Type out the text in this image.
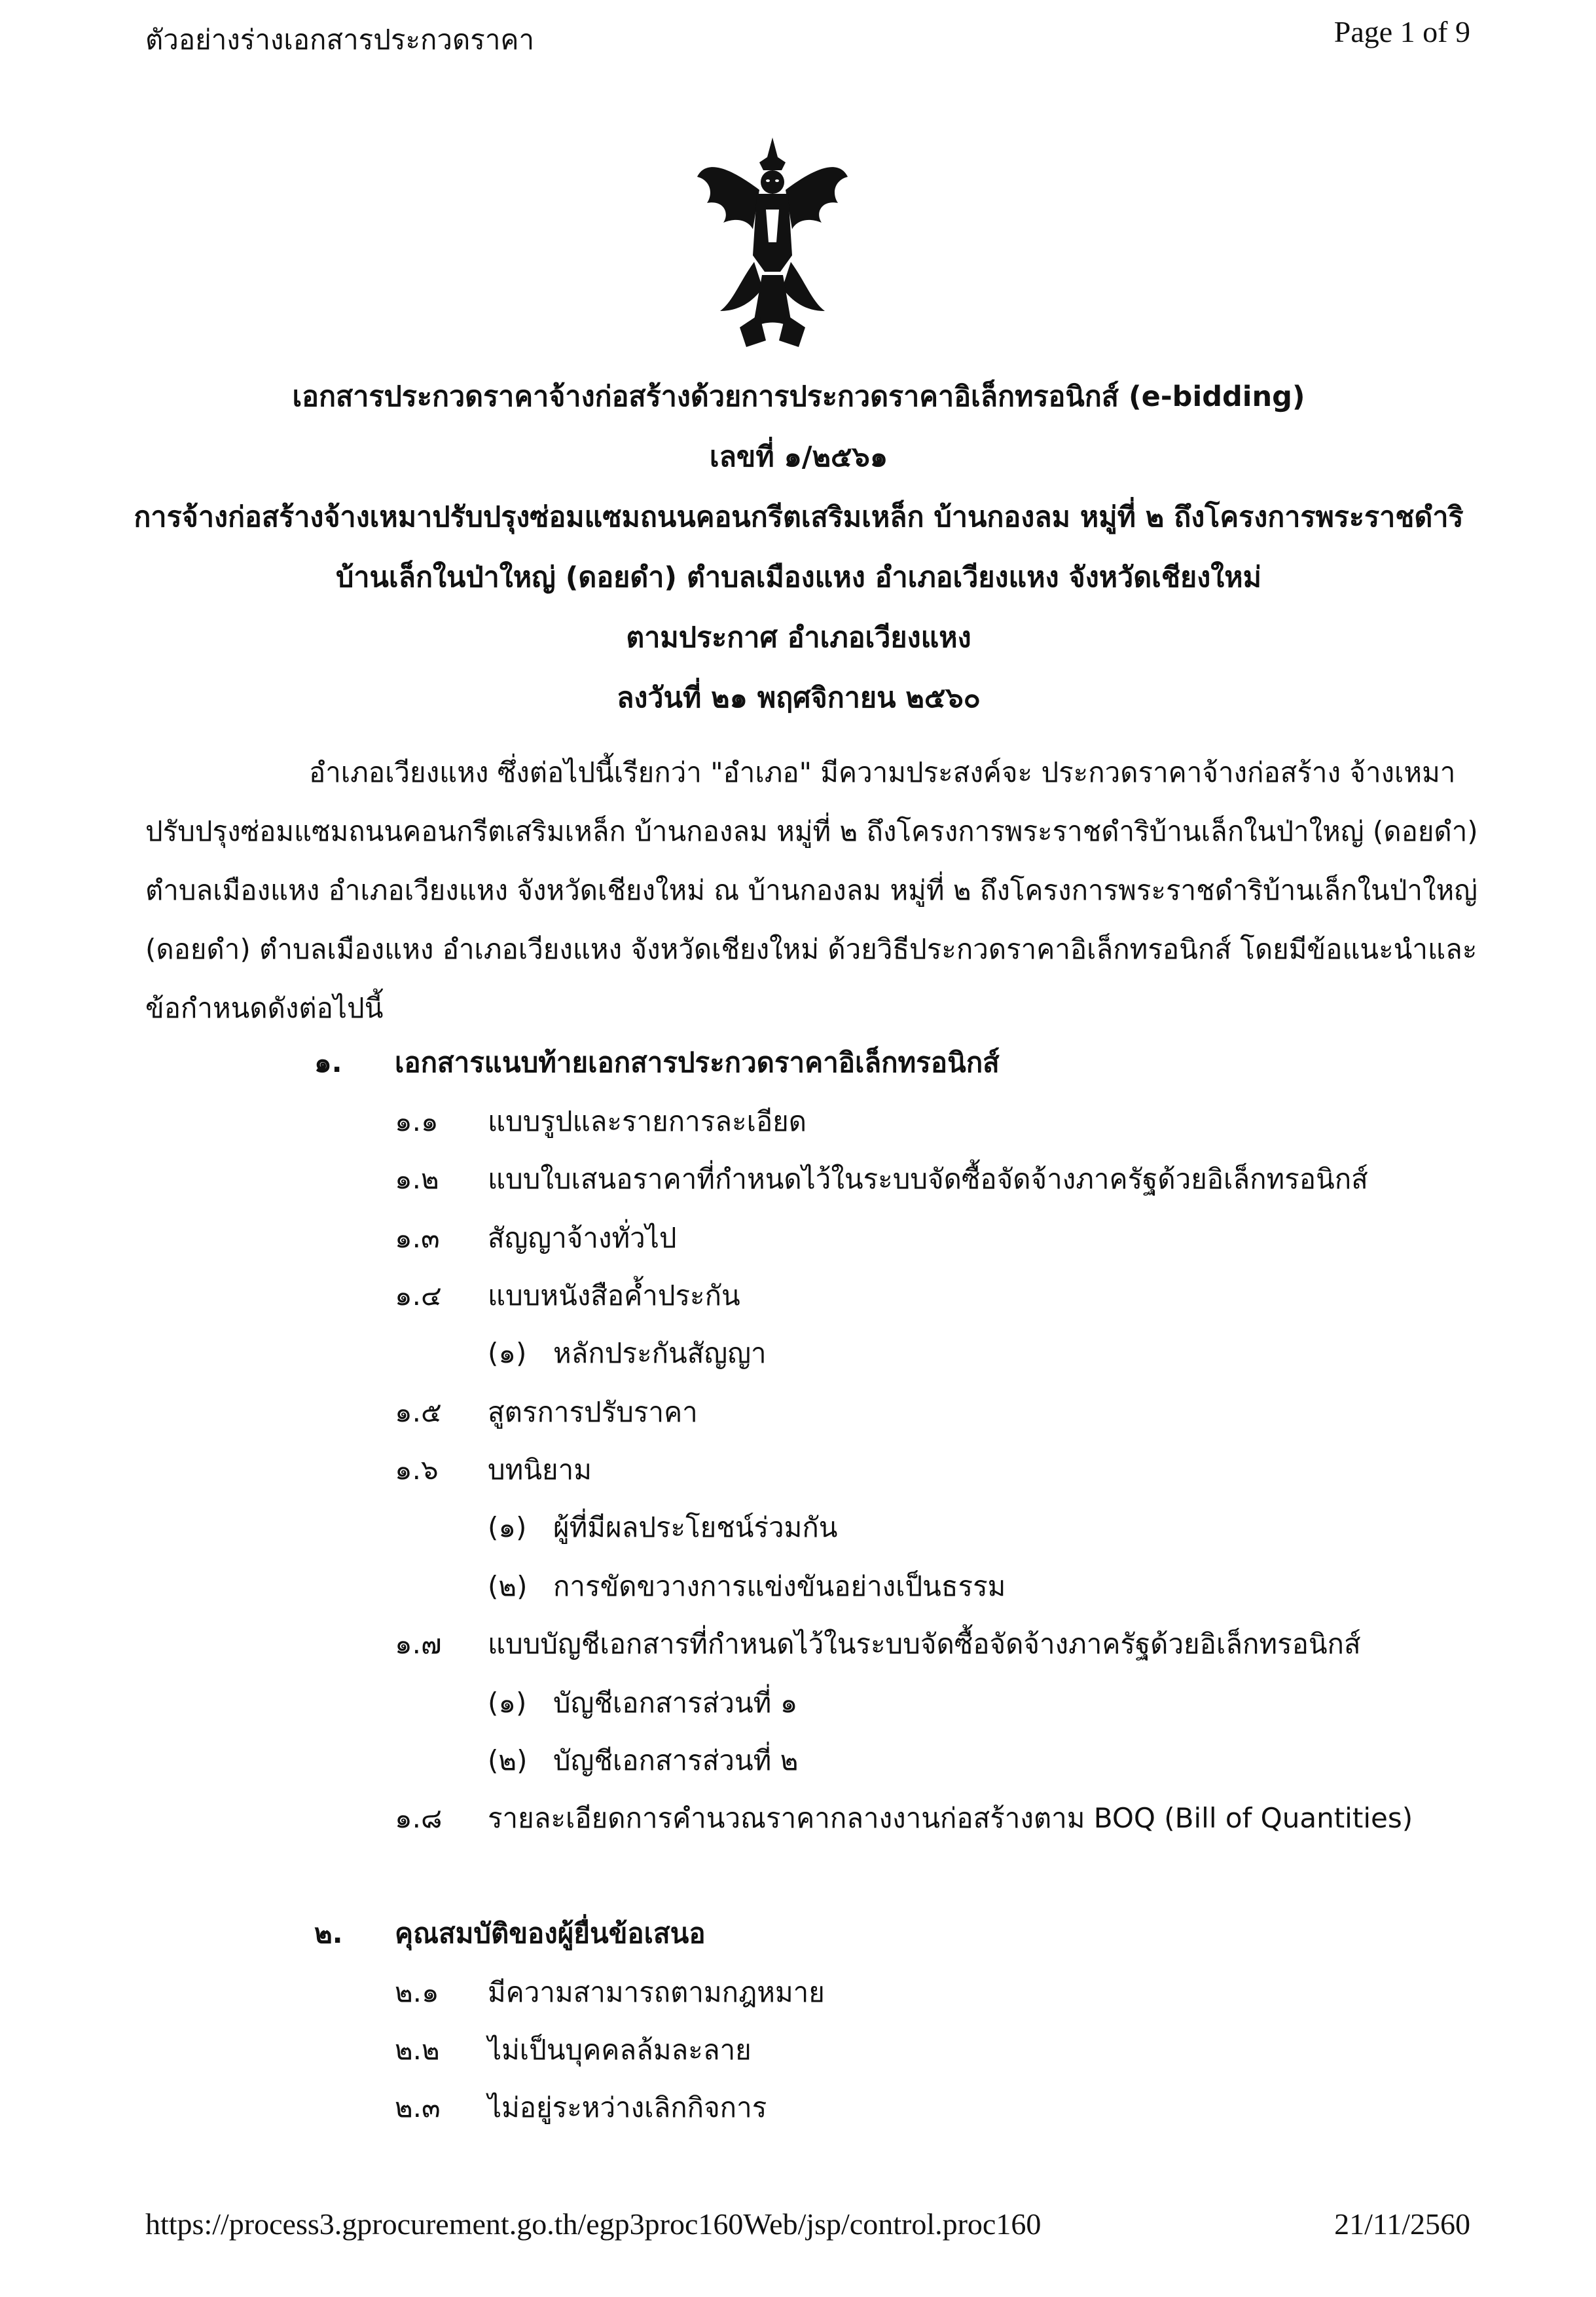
ตัวอย่างร่างเอกสารประกวดราคา	Page 1 of 9
เอกสารประกวดราคาจ้างก่อสร้างด้วยการประกวดราคาอิเล็กทรอนิกส์ (e-bidding)
เลขที่ ๑/๒๕๖๑
การจ้างก่อสร้างจ้างเหมาปรับปรุงซ่อมแซมถนนคอนกรีตเสริมเหล็ก บ้านกองลม หมู่ที่ ๒ ถึงโครงการพระราชดำริ
บ้านเล็กในป่าใหญ่ (ดอยดำ) ตำบลเมืองแหง อำเภอเวียงแหง จังหวัดเชียงใหม่
ตามประกาศ อำเภอเวียงแหง
ลงวันที่ ๒๑ พฤศจิกายน ๒๕๖๐
อำเภอเวียงแหง ซึ่งต่อไปนี้เรียกว่า "อำเภอ" มีความประสงค์จะ ประกวดราคาจ้างก่อสร้าง จ้างเหมา
ปรับปรุงซ่อมแซมถนนคอนกรีตเสริมเหล็ก บ้านกองลม หมู่ที่ ๒ ถึงโครงการพระราชดำริบ้านเล็กในป่าใหญ่ (ดอยดำ)
ตำบลเมืองแหง อำเภอเวียงแหง จังหวัดเชียงใหม่ ณ บ้านกองลม หมู่ที่ ๒ ถึงโครงการพระราชดำริบ้านเล็กในป่าใหญ่
(ดอยดำ) ตำบลเมืองแหง อำเภอเวียงแหง จังหวัดเชียงใหม่ ด้วยวิธีประกวดราคาอิเล็กทรอนิกส์ โดยมีข้อแนะนำและ
ข้อกำหนดดังต่อไปนี้
๑. เอกสารแนบท้ายเอกสารประกวดราคาอิเล็กทรอนิกส์
๑.๑ แบบรูปและรายการละเอียด
๑.๒ แบบใบเสนอราคาที่กำหนดไว้ในระบบจัดซื้อจัดจ้างภาครัฐด้วยอิเล็กทรอนิกส์
๑.๓ สัญญาจ้างทั่วไป
๑.๔ แบบหนังสือค้ำประกัน
(๑) หลักประกันสัญญา
๑.๕ สูตรการปรับราคา
๑.๖ บทนิยาม
(๑) ผู้ที่มีผลประโยชน์ร่วมกัน
(๒) การขัดขวางการแข่งขันอย่างเป็นธรรม
๑.๗ แบบบัญชีเอกสารที่กำหนดไว้ในระบบจัดซื้อจัดจ้างภาครัฐด้วยอิเล็กทรอนิกส์
(๑) บัญชีเอกสารส่วนที่ ๑
(๒) บัญชีเอกสารส่วนที่ ๒
๑.๘ รายละเอียดการคำนวณราคากลางงานก่อสร้างตาม BOQ (Bill of Quantities)
๒. คุณสมบัติของผู้ยื่นข้อเสนอ
๒.๑ มีความสามารถตามกฎหมาย
๒.๒ ไม่เป็นบุคคลล้มละลาย
๒.๓ ไม่อยู่ระหว่างเลิกกิจการ
https://process3.gprocurement.go.th/egp3proc160Web/jsp/control.proc160	21/11/2560
